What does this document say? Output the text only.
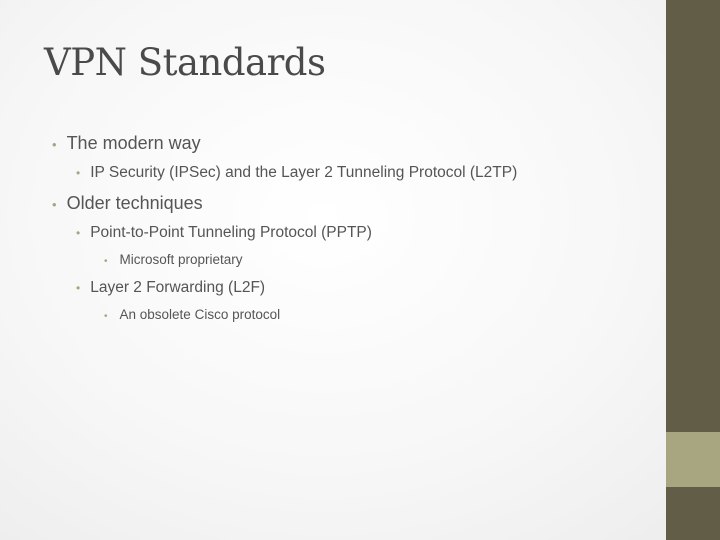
VPN Standards
• The modern way
• IP Security (IPSec) and the Layer 2 Tunneling Protocol (L2TP)
• Older techniques
• Point-to-Point Tunneling Protocol (PPTP)
• Microsoft proprietary
• Layer 2 Forwarding (L2F)
• An obsolete Cisco protocol
